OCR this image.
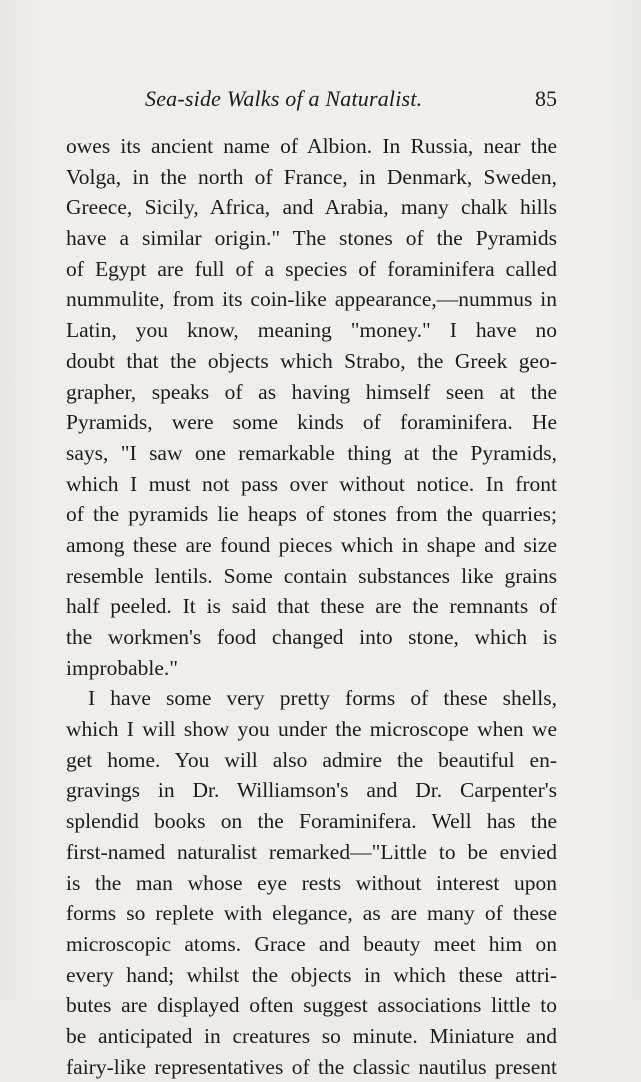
Sea-side Walks of a Naturalist.	85
owes its ancient name of Albion. In Russia, near the
Volga, in the north of France, in Denmark, Sweden,
Greece, Sicily, Africa, and Arabia, many chalk hills
have a similar origin." The stones of the Pyramids
of Egypt are full of a species of foraminifera called
nummulite, from its coin-like appearance,—nummus in
Latin, you know, meaning "money." I have no
doubt that the objects which Strabo, the Greek geo-
grapher, speaks of as having himself seen at the
Pyramids, were some kinds of foraminifera. He
says, "I saw one remarkable thing at the Pyramids,
which I must not pass over without notice. In front
of the pyramids lie heaps of stones from the quarries;
among these are found pieces which in shape and size
resemble lentils. Some contain substances like grains
half peeled. It is said that these are the remnants of
the workmen's food changed into stone, which is
improbable."
I have some very pretty forms of these shells,
which I will show you under the microscope when we
get home. You will also admire the beautiful en-
gravings in Dr. Williamson's and Dr. Carpenter's
splendid books on the Foraminifera. Well has the
first-named naturalist remarked—"Little to be envied
is the man whose eye rests without interest upon
forms so replete with elegance, as are many of these
microscopic atoms. Grace and beauty meet him on
every hand; whilst the objects in which these attri-
butes are displayed often suggest associations little to
be anticipated in creatures so minute. Miniature and
fairy-like representatives of the classic nautilus present
